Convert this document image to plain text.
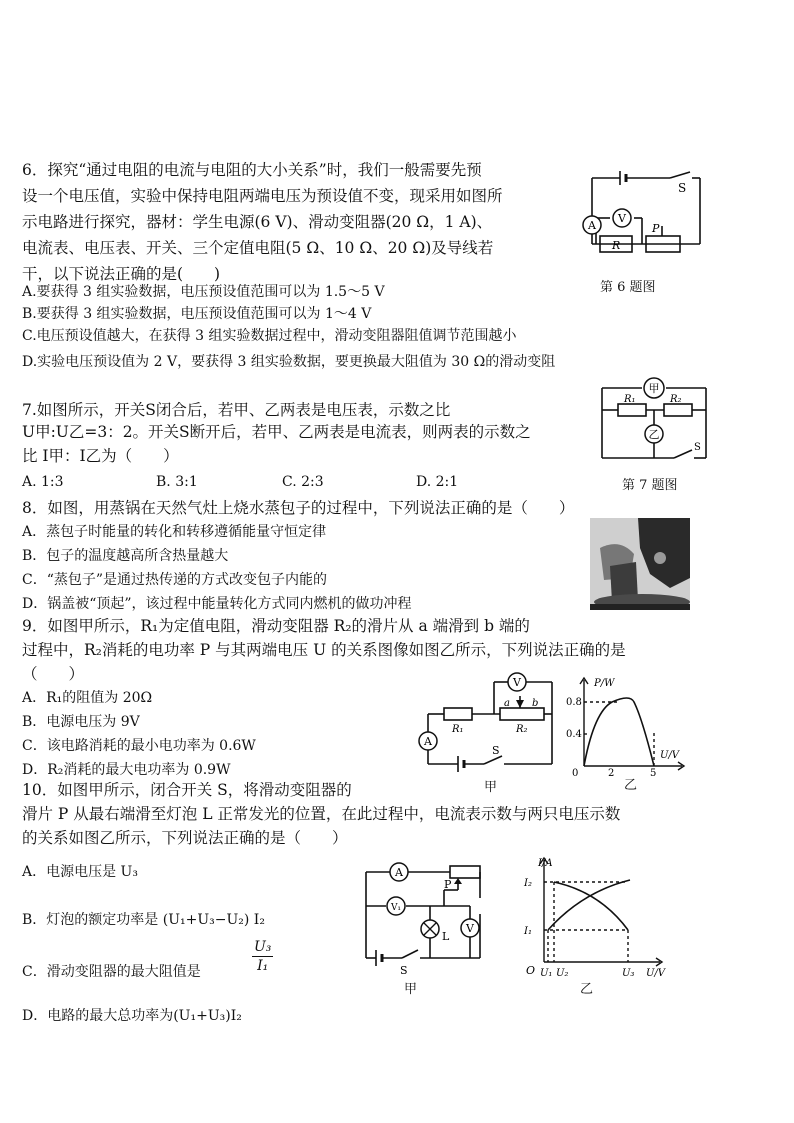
6．探究“通过电阻的电流与电阻的大小关系”时，我们一般需要先预
设一个电压值，实验中保持电阻两端电压为预设值不变，现采用如图所
示电路进行探究，器材：学生电源(6 V)、滑动变阻器(20 Ω，1 A)、
电流表、电压表、开关、三个定值电阻(5 Ω、10 Ω、20 Ω)及导线若
干，以下说法正确的是(　　)
A.要获得 3 组实验数据，电压预设值范围可以为 1.5～5 V
B.要获得 3 组实验数据，电压预设值范围可以为 1～4 V
C.电压预设值越大，在获得 3 组实验数据过程中，滑动变阻器阻值调节范围越小
D.实验电压预设值为 2 V，要获得 3 组实验数据，要更换最大阻值为 30 Ω的滑动变阻
A
V
S
R
P
第 6 题图
7.如图所示，开关S闭合后，若甲、乙两表是电压表，示数之比
U甲:U乙=3：2。开关S断开后，若甲、乙两表是电流表，则两表的示数之
比 I甲：I乙为（　　）
A. 1:3	B. 3:1	C. 2:3	D. 2:1
甲
乙
R₁	R₂
S
第 7 题图
8．如图，用蒸锅在天然气灶上烧水蒸包子的过程中，下列说法正确的是（　　）
A．蒸包子时能量的转化和转移遵循能量守恒定律
B．包子的温度越高所含热量越大
C．“蒸包子”是通过热传递的方式改变包子内能的
D．锅盖被“顶起”，该过程中能量转化方式同内燃机的做功冲程
9．如图甲所示，R₁为定值电阻，滑动变阻器 R₂的滑片从 a 端滑到 b 端的
过程中，R₂消耗的电功率 P 与其两端电压 U 的关系图像如图乙所示，下列说法正确的是
（　　）
A．R₁的阻值为 20Ω
B．电源电压为 9V
C．该电路消耗的最小电功率为 0.6W
D．R₂消耗的最大电功率为 0.9W
A
V
R₁	R₂
a b
S
甲
P/W
U/V
0.8
0.4
0	2	5
乙
10．如图甲所示，闭合开关 S，将滑动变阻器的
滑片 P 从最右端滑至灯泡 L 正常发光的位置，在此过程中，电流表示数与两只电压示数
的关系如图乙所示，下列说法正确的是（　　）
A．电源电压是 U₃
B．灯泡的额定功率是 (U₁+U₃−U₂) I₂
C．滑动变阻器的最大阻值是	$\frac{\text{U₃}}{\text{I₁}}$
D．电路的最大总功率为(U₁+U₃)I₂
A
V₁
V
L
P
S
甲
I/A
U/V
I₂
I₁
O U₁ U₂	U₃
乙
